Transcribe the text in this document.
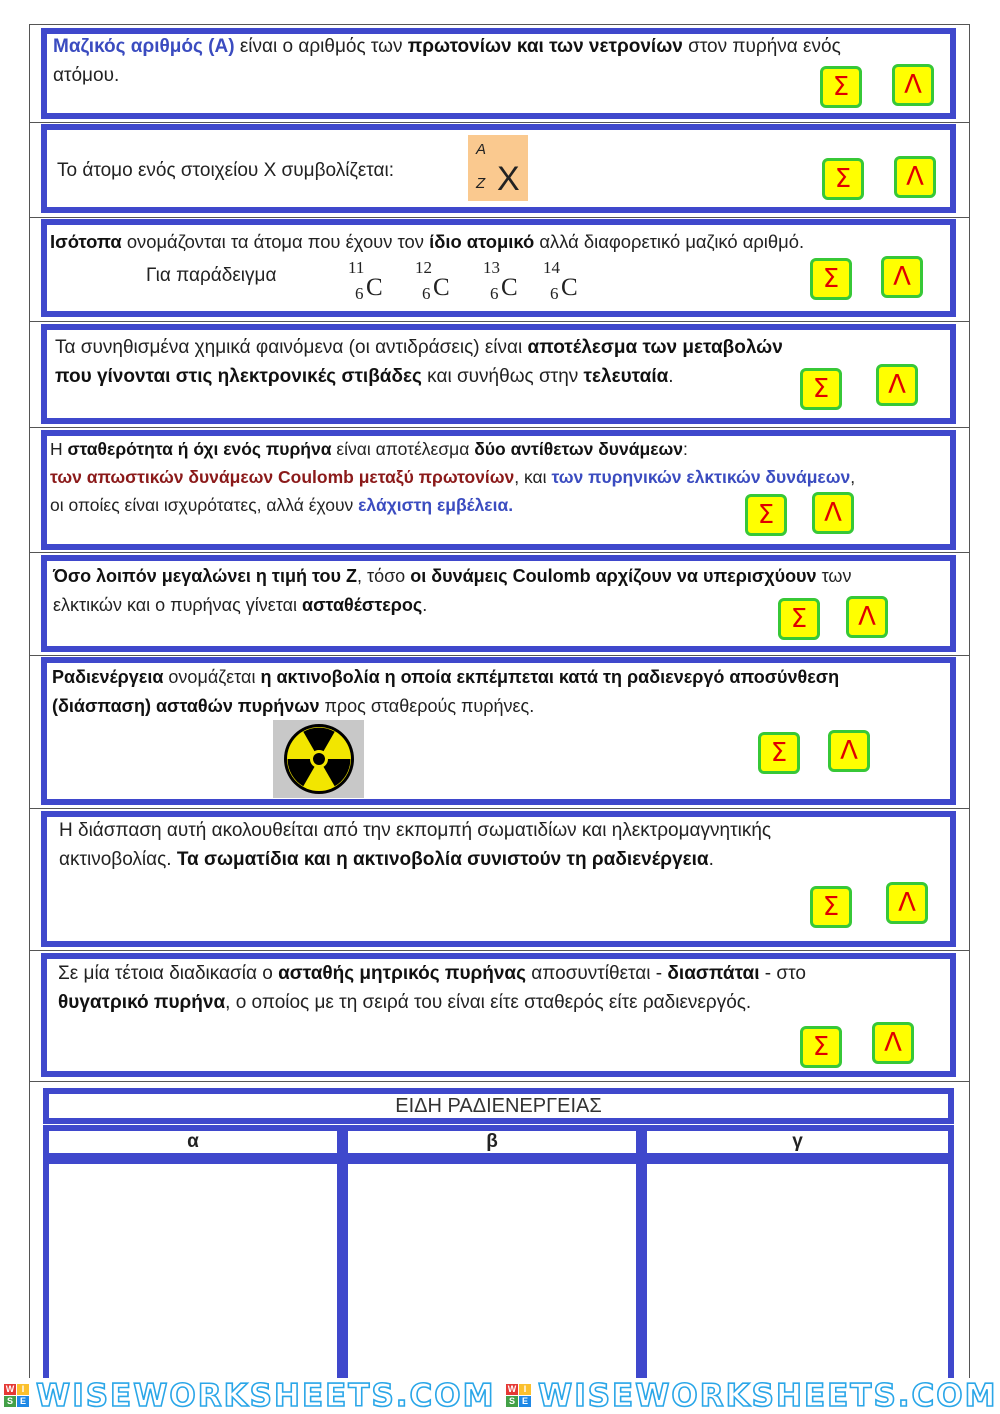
Μαζικός αριθμός (Α) είναι ο αριθμός των πρωτονίων και των νετρονίων στον πυρήνα ενός
ατόμου.	Σ	Λ
Το άτομο ενός στοιχείου Χ συμβολίζεται:
A
Z X	Σ	Λ
Ισότοπα ονομάζονται τα άτομα που έχουν τον ίδιο ατομικό αλλά διαφορετικό μαζικό αριθμό.
Για παράδειγμα	11
6 C
12
6 C
13
6 C
14
6 C	Σ	Λ
Τα συνηθισμένα χημικά φαινόμενα (οι αντιδράσεις) είναι αποτέλεσμα των μεταβολών
που γίνονται στις ηλεκτρονικές στιβάδες και συνήθως στην τελευταία.	Σ	Λ
Η σταθερότητα ή όχι ενός πυρήνα είναι αποτέλεσμα δύο αντίθετων δυνάμεων:
των απωστικών δυνάμεων Coulomb μεταξύ πρωτονίων, και των πυρηνικών ελκτικών δυνάμεων,
οι οποίες είναι ισχυρότατες, αλλά έχουν ελάχιστη εμβέλεια.	Σ	Λ
Όσο λοιπόν μεγαλώνει η τιμή του Ζ, τόσο οι δυνάμεις Coulomb αρχίζουν να υπερισχύουν των
ελκτικών και ο πυρήνας γίνεται ασταθέστερος.	Σ	Λ
Ραδιενέργεια ονομάζεται η ακτινοβολία η οποία εκπέμπεται κατά τη ραδιενεργό αποσύνθεση
(διάσπαση) ασταθών πυρήνων προς σταθερούς πυρήνες.
Σ	Λ
Η διάσπαση αυτή ακολουθείται από την εκπομπή σωματιδίων και ηλεκτρομαγνητικής
ακτινοβολίας. Τα σωματίδια και η ακτινοβολία συνιστούν τη ραδιενέργεια.
Σ	Λ
Σε μία τέτοια διαδικασία ο ασταθής μητρικός πυρήνας αποσυντίθεται - διασπάται - στο
θυγατρικό πυρήνα, ο οποίος με τη σειρά του είναι είτε σταθερός είτε ραδιενεργός.
Σ	Λ
ΕΙΔΗ ΡΑΔΙΕΝΕΡΓΕΙΑΣ
α	β	γ
W I
S E WISEWORKSHEETS.COM W I
S E WISEWORKSHEETS.COM
